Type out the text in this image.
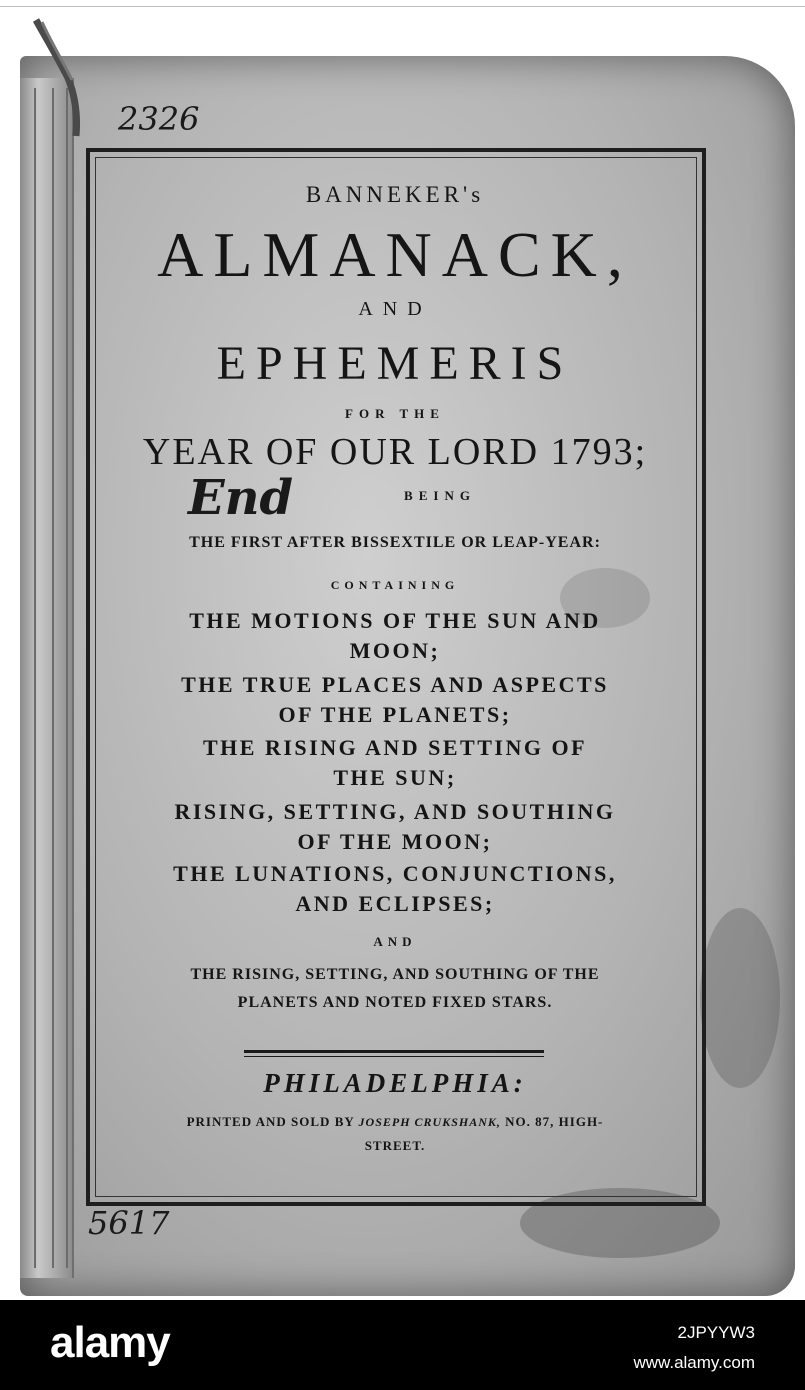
BANNEKER's
ALMANACK,
AND
EPHEMERIS
FOR THE
YEAR OF OUR LORD 1793;
BEING
THE FIRST AFTER BISSEXTILE OR LEAP-YEAR:
CONTAINING
THE MOTIONS OF THE SUN AND
MOON;
THE TRUE PLACES AND ASPECTS
OF THE PLANETS;
THE RISING AND SETTING OF
THE SUN;
RISING, SETTING, AND SOUTHING
OF THE MOON;
THE LUNATIONS, CONJUNCTIONS,
AND ECLIPSES;
AND
THE RISING, SETTING, AND SOUTHING OF THE
PLANETS AND NOTED FIXED STARS.
PHILADELPHIA:
PRINTED AND SOLD BY JOSEPH CRUKSHANK, NO. 87, HIGH-
STREET.
2326
End
5617
alamy	2JPYYW3
www.alamy.com
